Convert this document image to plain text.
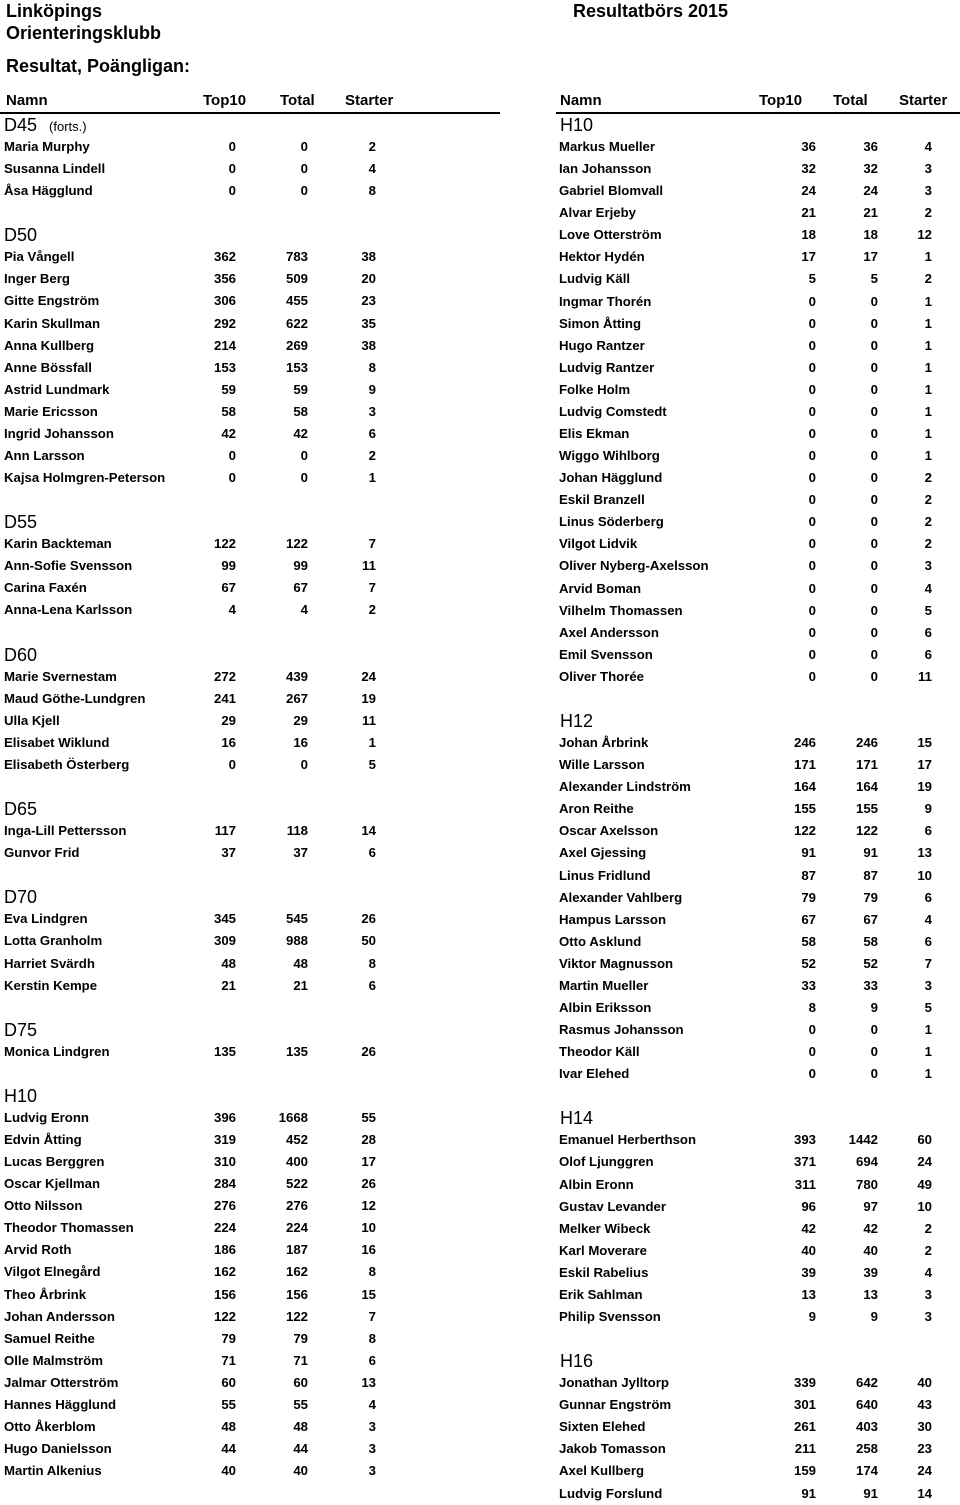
Linköpings
Orienteringsklubb
Resultatbörs 2015
Resultat, Poängligan:
Namn	Top10 Total Starter
D45 (forts.)
Maria Murphy	0	0	2
Susanna Lindell	0	0	4
Åsa Hägglund	0	0	8
D50
Pia Vångell	362	783	38
Inger Berg	356	509	20
Gitte Engström	306	455	23
Karin Skullman	292	622	35
Anna Kullberg	214	269	38
Anne Bössfall	153	153	8
Astrid Lundmark	59	59	9
Marie Ericsson	58	58	3
Ingrid Johansson	42	42	6
Ann Larsson	0	0	2
Kajsa Holmgren-Peterson	0	0	1
D55
Karin Backteman	122	122	7
Ann-Sofie Svensson	99	99	11
Carina Faxén	67	67	7
Anna-Lena Karlsson	4	4	2
D60
Marie Svernestam	272	439	24
Maud Göthe-Lundgren	241	267	19
Ulla Kjell	29	29	11
Elisabet Wiklund	16	16	1
Elisabeth Österberg	0	0	5
D65
Inga-Lill Pettersson	117	118	14
Gunvor Frid	37	37	6
D70
Eva Lindgren	345	545	26
Lotta Granholm	309	988	50
Harriet Svärdh	48	48	8
Kerstin Kempe	21	21	6
D75
Monica Lindgren	135	135	26
H10
Ludvig Eronn	396	1668	55
Edvin Åtting	319	452	28
Lucas Berggren	310	400	17
Oscar Kjellman	284	522	26
Otto Nilsson	276	276	12
Theodor Thomassen	224	224	10
Arvid Roth	186	187	16
Vilgot Elnegård	162	162	8
Theo Årbrink	156	156	15
Johan Andersson	122	122	7
Samuel Reithe	79	79	8
Olle Malmström	71	71	6
Jalmar Otterström	60	60	13
Hannes Hägglund	55	55	4
Otto Åkerblom	48	48	3
Hugo Danielsson	44	44	3
Martin Alkenius	40	40	3
Namn	Top10 Total Starter
H10
Markus Mueller	36	36	4
Ian Johansson	32	32	3
Gabriel Blomvall	24	24	3
Alvar Erjeby	21	21	2
Love Otterström	18	18	12
Hektor Hydén	17	17	1
Ludvig Käll	5	5	2
Ingmar Thorén	0	0	1
Simon Åtting	0	0	1
Hugo Rantzer	0	0	1
Ludvig Rantzer	0	0	1
Folke Holm	0	0	1
Ludvig Comstedt	0	0	1
Elis Ekman	0	0	1
Wiggo Wihlborg	0	0	1
Johan Hägglund	0	0	2
Eskil Branzell	0	0	2
Linus Söderberg	0	0	2
Vilgot Lidvik	0	0	2
Oliver Nyberg-Axelsson	0	0	3
Arvid Boman	0	0	4
Vilhelm Thomassen	0	0	5
Axel Andersson	0	0	6
Emil Svensson	0	0	6
Oliver Thorée	0	0	11
H12
Johan Årbrink	246	246	15
Wille Larsson	171	171	17
Alexander Lindström	164	164	19
Aron Reithe	155	155	9
Oscar Axelsson	122	122	6
Axel Gjessing	91	91	13
Linus Fridlund	87	87	10
Alexander Vahlberg	79	79	6
Hampus Larsson	67	67	4
Otto Asklund	58	58	6
Viktor Magnusson	52	52	7
Martin Mueller	33	33	3
Albin Eriksson	8	9	5
Rasmus Johansson	0	0	1
Theodor Käll	0	0	1
Ivar Elehed	0	0	1
H14
Emanuel Herberthson	393	1442	60
Olof Ljunggren	371	694	24
Albin Eronn	311	780	49
Gustav Levander	96	97	10
Melker Wibeck	42	42	2
Karl Moverare	40	40	2
Eskil Rabelius	39	39	4
Erik Sahlman	13	13	3
Philip Svensson	9	9	3
H16
Jonathan Jylltorp	339	642	40
Gunnar Engström	301	640	43
Sixten Elehed	261	403	30
Jakob Tomasson	211	258	23
Axel Kullberg	159	174	24
Ludvig Forslund	91	91	14
